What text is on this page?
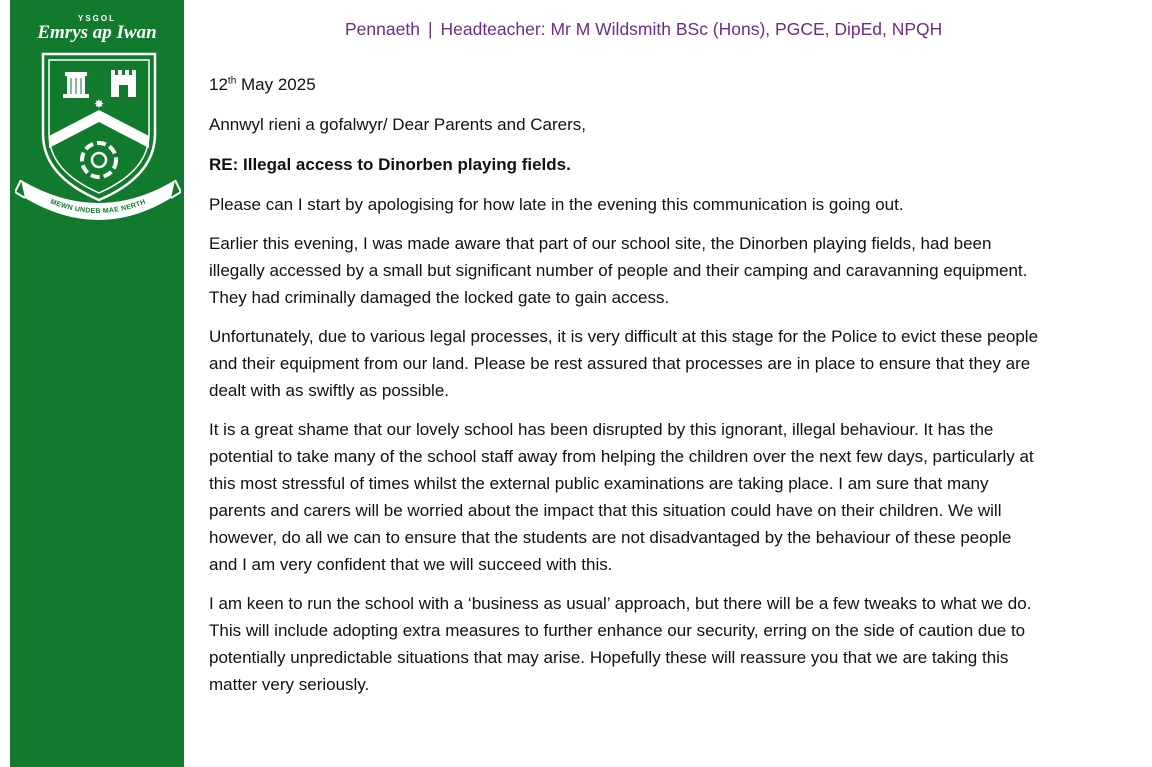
YSGOL
Emrys ap Iwan
✸
✸	✸
MEWN UNDEB MAE NERTH
Pennaeth | Headteacher: Mr M Wildsmith BSc (Hons), PGCE, DipEd, NPQH

12th May 2025

Annwyl rieni a gofalwyr/ Dear Parents and Carers,

RE: Illegal access to Dinorben playing fields.

Please can I start by apologising for how late in the evening this communication is going out.

Earlier this evening, I was made aware that part of our school site, the Dinorben playing fields, had been illegally accessed by a small but significant number of people and their camping and caravanning equipment. They had criminally damaged the locked gate to gain access.

Unfortunately, due to various legal processes, it is very difficult at this stage for the Police to evict these people and their equipment from our land. Please be rest assured that processes are in place to ensure that they are dealt with as swiftly as possible.

It is a great shame that our lovely school has been disrupted by this ignorant, illegal behaviour. It has the potential to take many of the school staff away from helping the children over the next few days, particularly at this most stressful of times whilst the external public examinations are taking place. I am sure that many parents and carers will be worried about the impact that this situation could have on their children. We will however, do all we can to ensure that the students are not disadvantaged by the behaviour of these people and I am very confident that we will succeed with this.

I am keen to run the school with a ‘business as usual’ approach, but there will be a few tweaks to what we do. This will include adopting extra measures to further enhance our security, erring on the side of caution due to potentially unpredictable situations that may arise. Hopefully these will reassure you that we are taking this matter very seriously.
